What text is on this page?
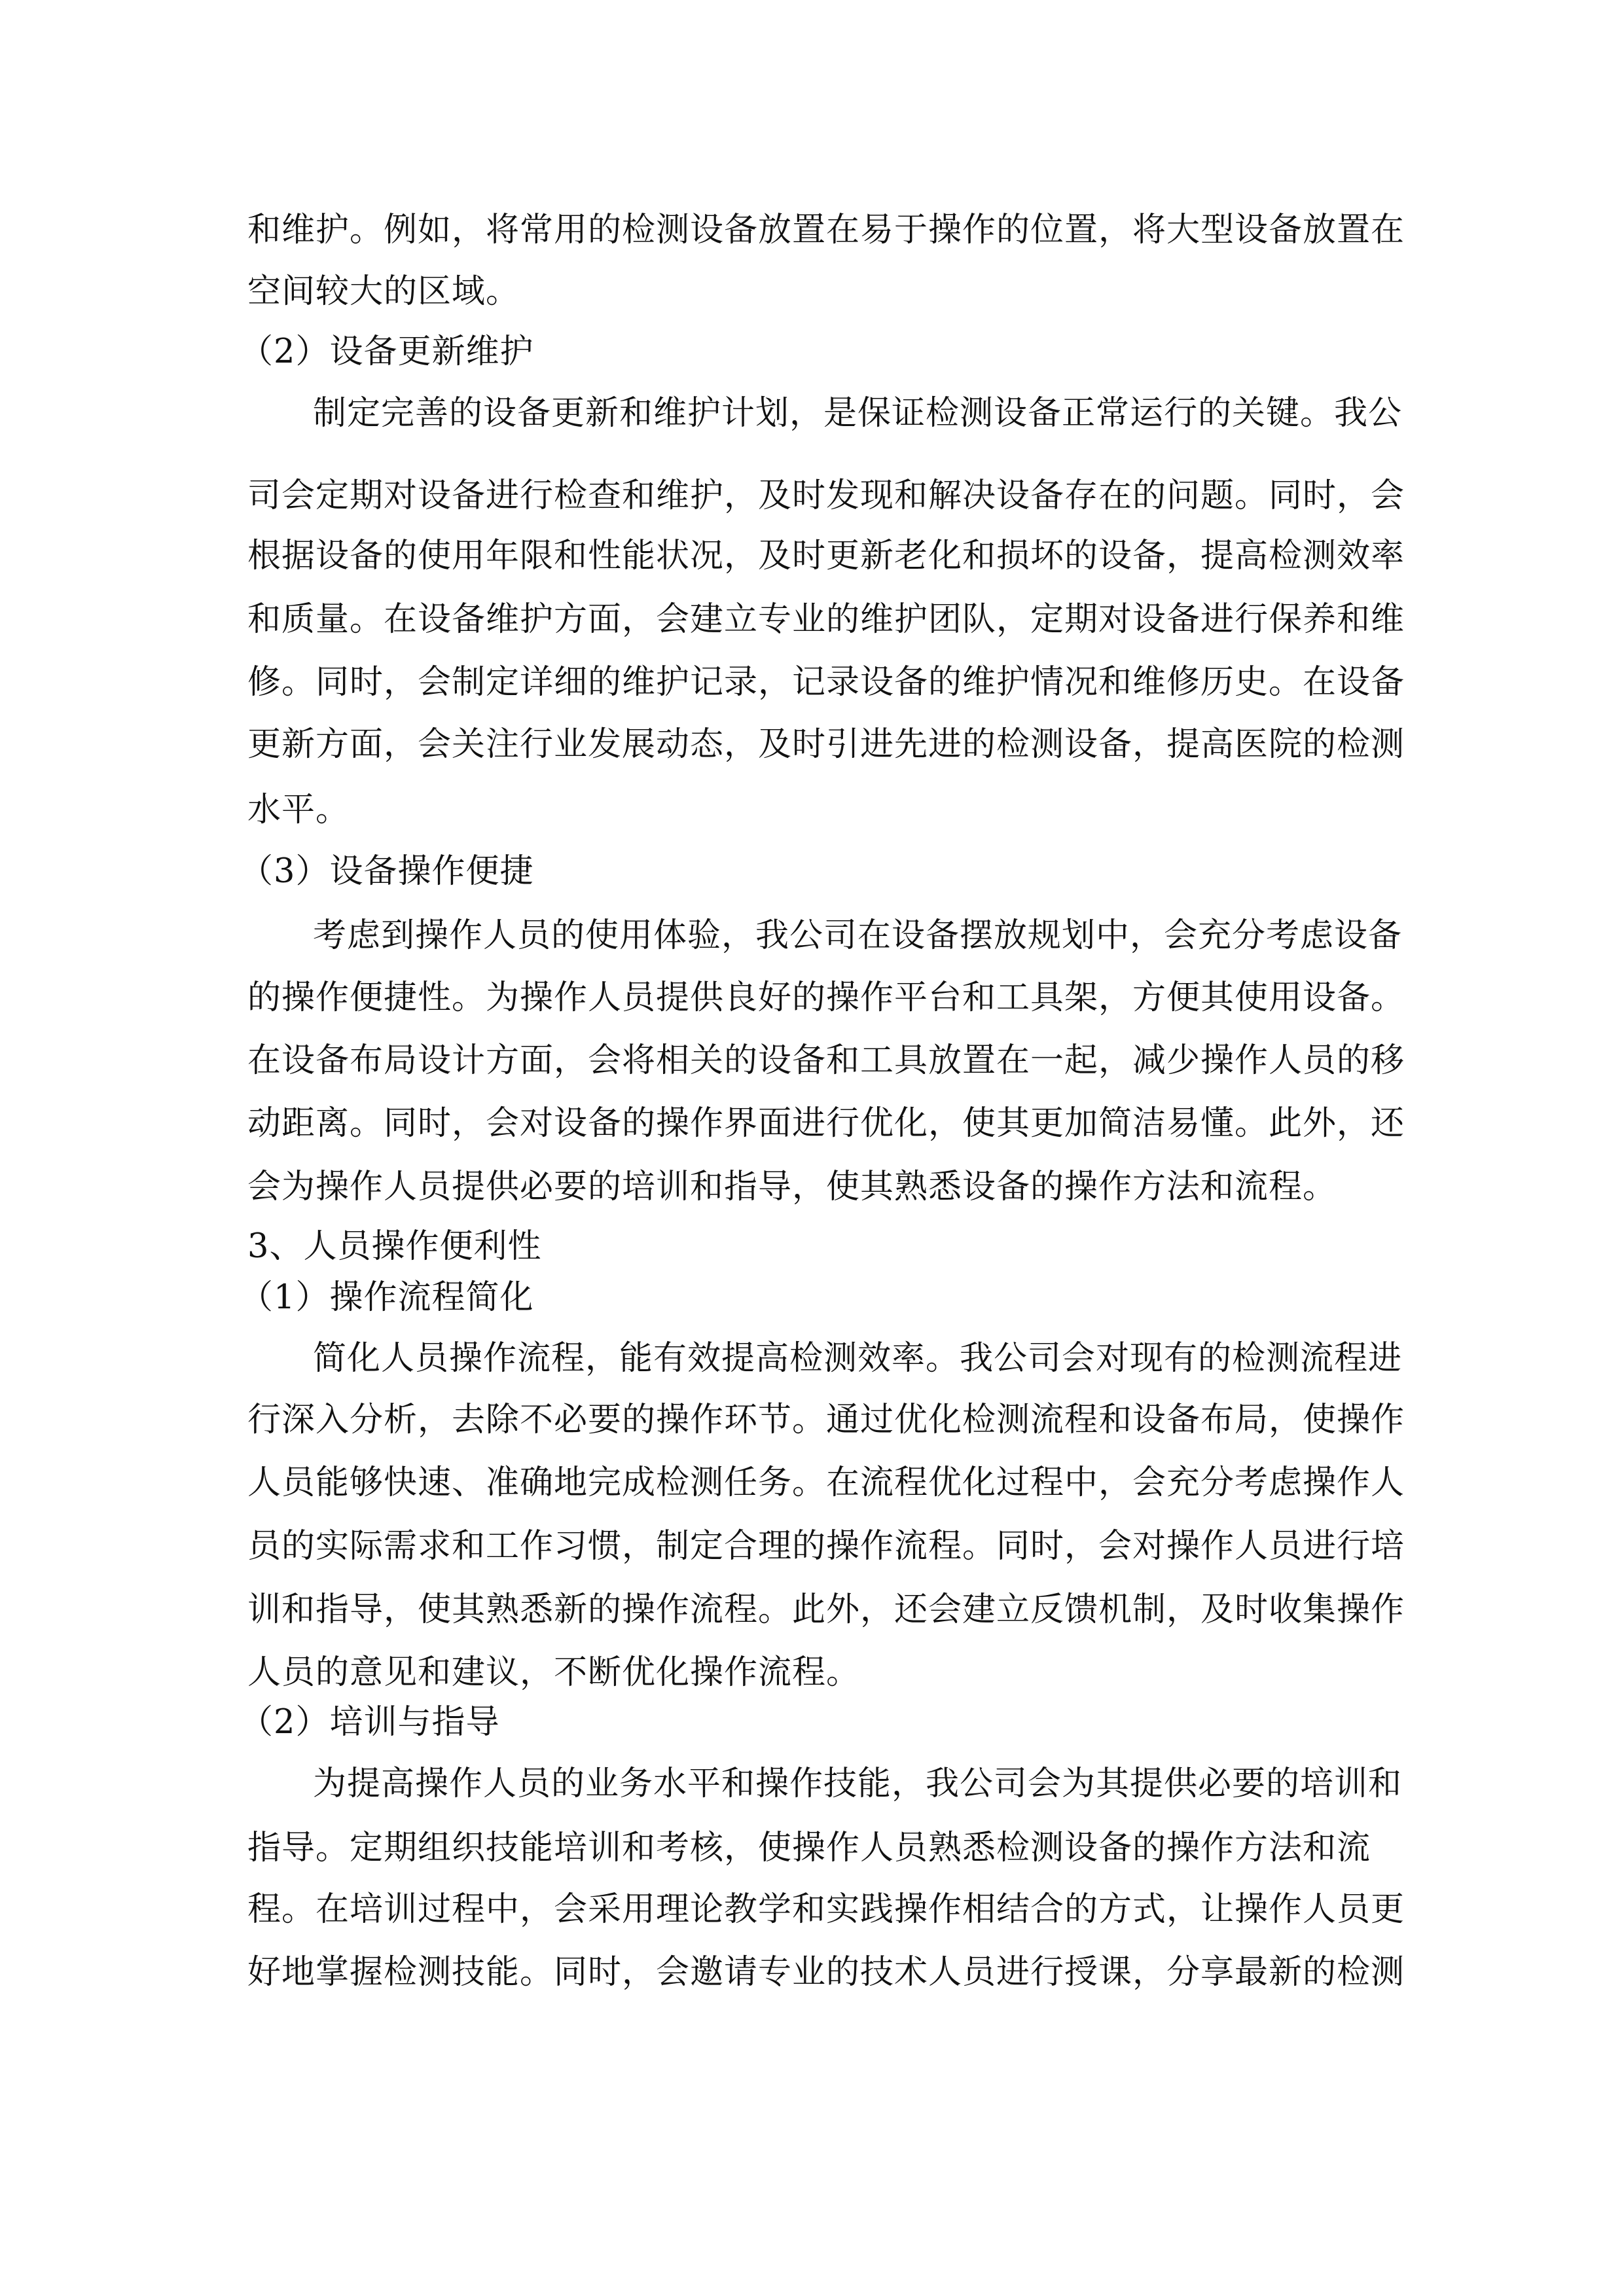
和维护。例如，将常用的检测设备放置在易于操作的位置，将大型设备放置在
空间较大的区域。
（2）设备更新维护
制定完善的设备更新和维护计划，是保证检测设备正常运行的关键。我公
司会定期对设备进行检查和维护，及时发现和解决设备存在的问题。同时，会
根据设备的使用年限和性能状况，及时更新老化和损坏的设备，提高检测效率
和质量。在设备维护方面，会建立专业的维护团队，定期对设备进行保养和维
修。同时，会制定详细的维护记录，记录设备的维护情况和维修历史。在设备
更新方面，会关注行业发展动态，及时引进先进的检测设备，提高医院的检测
水平。
（3）设备操作便捷
考虑到操作人员的使用体验，我公司在设备摆放规划中，会充分考虑设备
的操作便捷性。为操作人员提供良好的操作平台和工具架，方便其使用设备。
在设备布局设计方面，会将相关的设备和工具放置在一起，减少操作人员的移
动距离。同时，会对设备的操作界面进行优化，使其更加简洁易懂。此外，还
会为操作人员提供必要的培训和指导，使其熟悉设备的操作方法和流程。
3、人员操作便利性
（1）操作流程简化
简化人员操作流程，能有效提高检测效率。我公司会对现有的检测流程进
行深入分析，去除不必要的操作环节。通过优化检测流程和设备布局，使操作
人员能够快速、准确地完成检测任务。在流程优化过程中，会充分考虑操作人
员的实际需求和工作习惯，制定合理的操作流程。同时，会对操作人员进行培
训和指导，使其熟悉新的操作流程。此外，还会建立反馈机制，及时收集操作
人员的意见和建议，不断优化操作流程。
（2）培训与指导
为提高操作人员的业务水平和操作技能，我公司会为其提供必要的培训和
指导。定期组织技能培训和考核，使操作人员熟悉检测设备的操作方法和流
程。在培训过程中，会采用理论教学和实践操作相结合的方式，让操作人员更
好地掌握检测技能。同时，会邀请专业的技术人员进行授课，分享最新的检测
